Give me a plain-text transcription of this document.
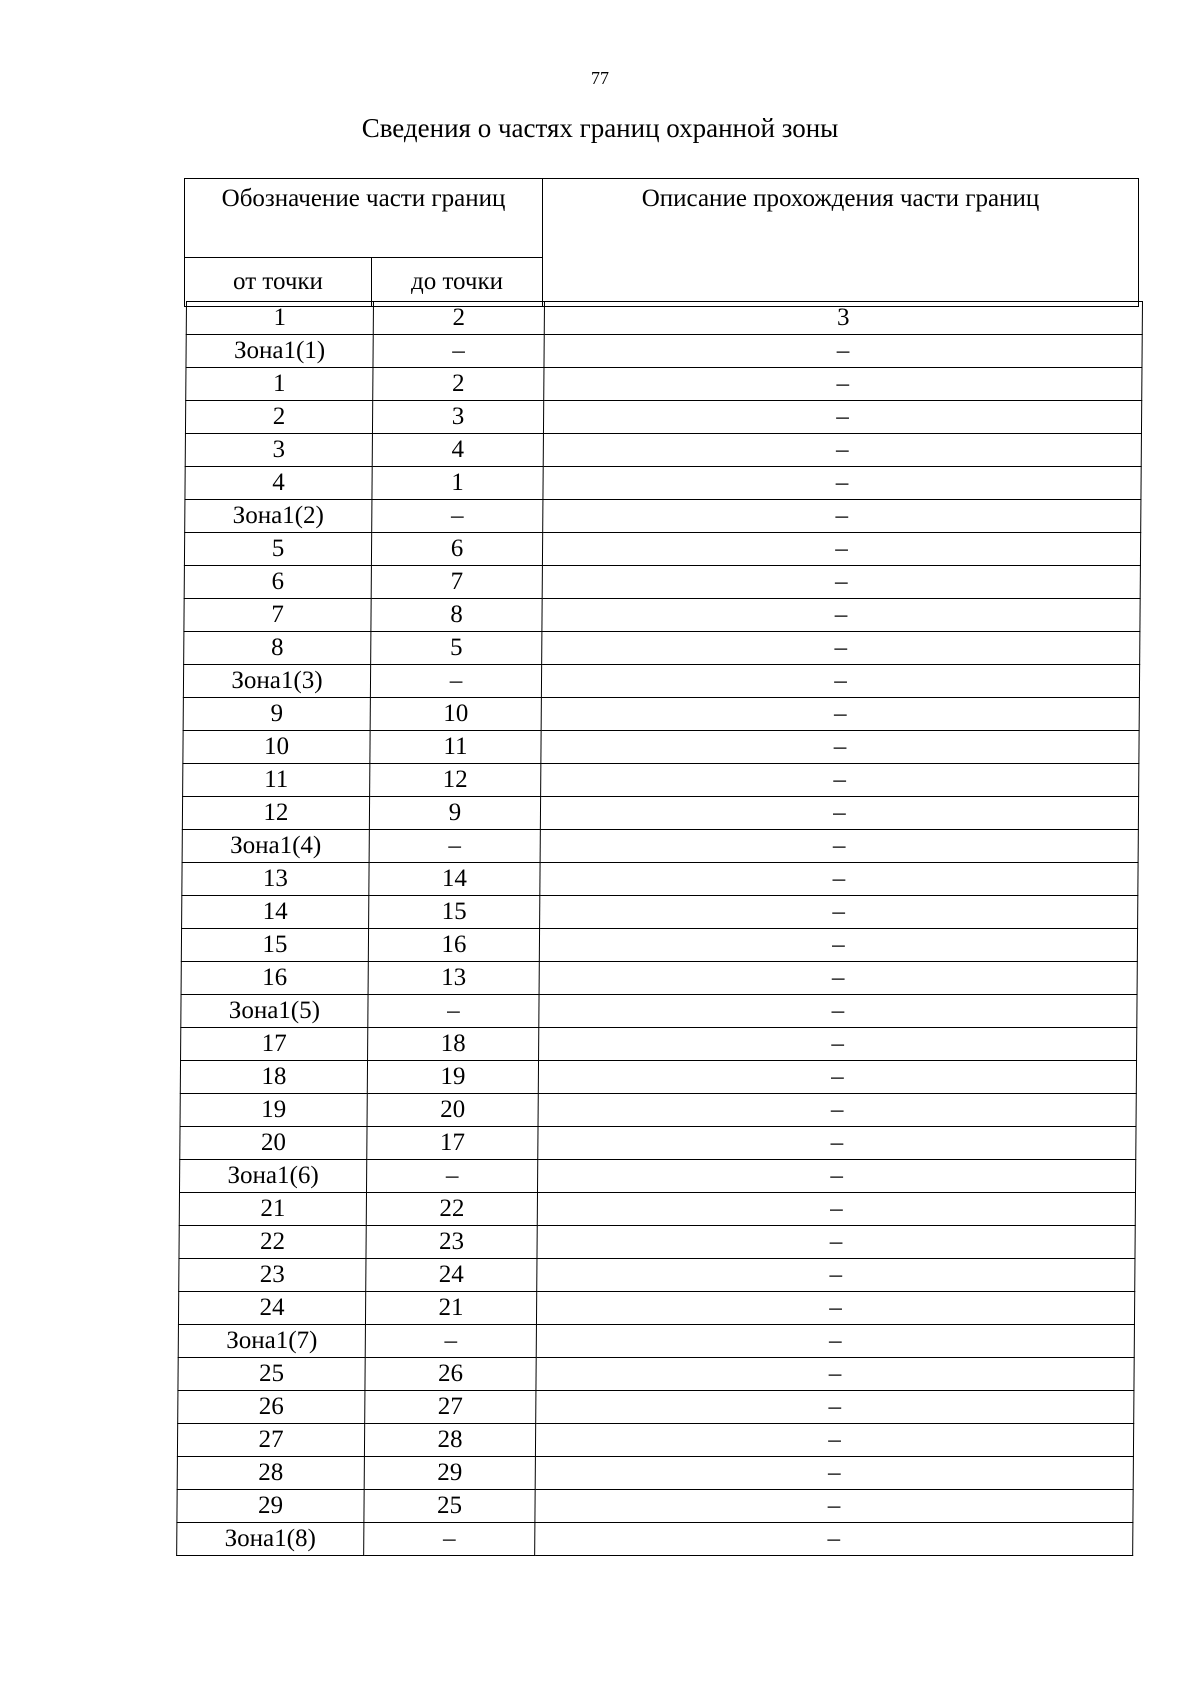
77
Сведения о частях границ охранной зоны
Обозначение части границ		Описание прохождения части границ
от точки	до точки	
1	2	3
Зона1(1)	–	–
1	2	–
2	3	–
3	4	–
4	1	–
Зона1(2)	–	–
5	6	–
6	7	–
7	8	–
8	5	–
Зона1(3)	–	–
9	10	–
10	11	–
11	12	–
12	9	–
Зона1(4)	–	–
13	14	–
14	15	–
15	16	–
16	13	–
Зона1(5)	–	–
17	18	–
18	19	–
19	20	–
20	17	–
Зона1(6)	–	–
21	22	–
22	23	–
23	24	–
24	21	–
Зона1(7)	–	–
25	26	–
26	27	–
27	28	–
28	29	–
29	25	–
Зона1(8)	–	–
